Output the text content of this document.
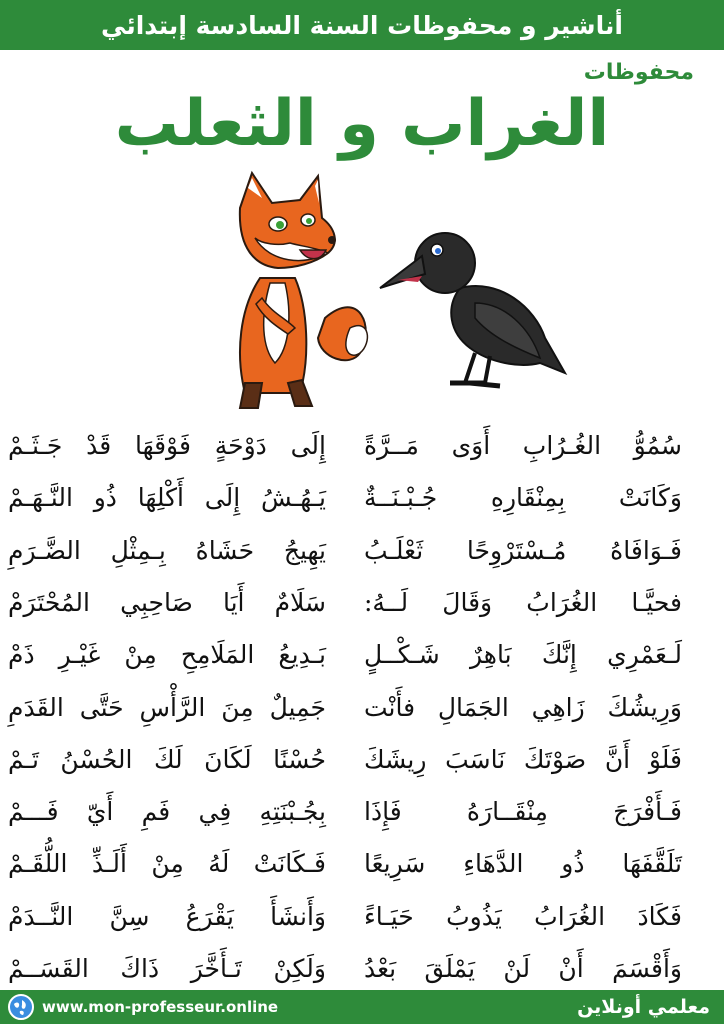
أناشير و محفوظات السنة السادسة إبتدائي
محفوظات
الغراب و الثعلب
سُمُوُّ الغُـرُابِ أَوَى مَــرَّةً
إِلَى دَوْحَةٍ فَوْقَهَا قَدْ جَـثَـمْ
وَكَانَتْ بِمِنْقَارِهِ جُـبْـنَــةٌ
يَـهُـشُ إِلَى أَكْلِهَا ذُو النَّـهَـمْ
فَـوَافَاهُ مُـسْتَرْوِحًا ثَعْلَـبُ
يَهِيجُ حَشَاهُ بِـمِثْلِ الضَّـرَمِ
فحيَّـا الغُرَابُ وَقَالَ لَــهُ:
سَلَامٌ أَيَا صَاحِبِي المُحْتَرَمْ
لَـعَمْرِي إِنَّكَ بَاهِرٌ شَـكْــلٍ
بَـدِيعُ المَلَامِحِ مِنْ غَيْـرِ ذَمْ
وَرِيشُكَ زَاهِي الجَمَالِ فأَنْت
جَمِيلٌ مِنَ الرَّأْسِ حَتَّى القَدَمِ
فَلَوْ أَنَّ صَوْتَكَ نَاسَبَ رِيشَكَ
حُسْنًا لَكَانَ لَكَ الحُسْنُ تَـمْ
فَـأَفْرَجَ مِنْقَــارَهُ فَإِذَا
بِجُـبْنَتِهِ فِي فَمِ أَيّ فَـــمْ
تَلَقَّفَهَا ذُو الدَّهَاءِ سَرِيعًا
فَـكَانَتْ لَهُ مِنْ أَلَـذِّ اللُّقَـمْ
فَكَادَ الغُرَابُ يَذُوبُ حَيَـاءً
وَأَنشَأَ يَقْرَعُ سِنَّ النَّــدَمْ
وَأَقْسَمَ أَنْ لَنْ يَمْلَقَ بَعْدُ
وَلَكِنْ تَـأَخَّرَ ذَاكَ القَسَــمْ
www.mon-professeur.online	معلمي أونلاين
